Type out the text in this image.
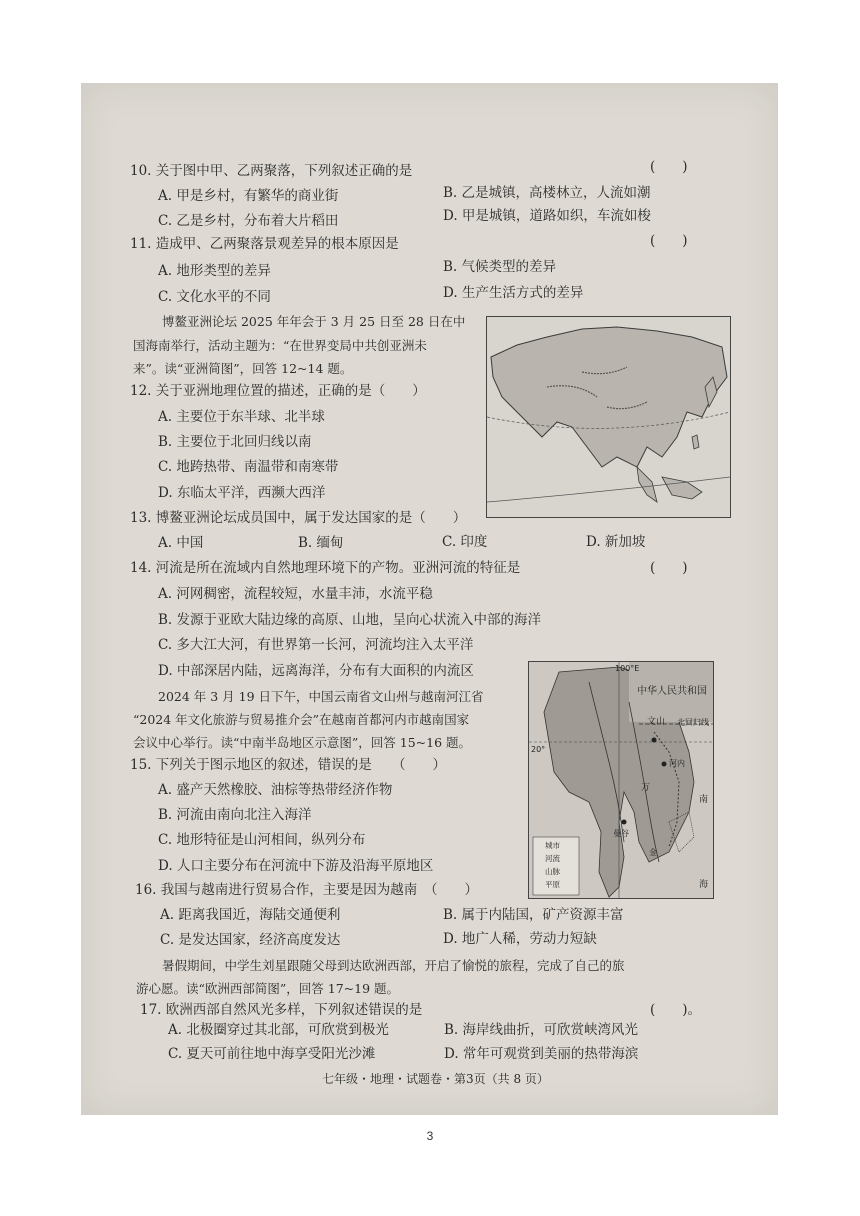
10. 关于图中甲、乙两聚落，下列叙述正确的是	(　　)
A. 甲是乡村，有繁华的商业街	B. 乙是城镇，高楼林立，人流如潮
C. 乙是乡村，分布着大片稻田	D. 甲是城镇，道路如织，车流如梭
11. 造成甲、乙两聚落景观差异的根本原因是	(　　)
A. 地形类型的差异	B. 气候类型的差异
C. 文化水平的不同	D. 生产生活方式的差异
博鳌亚洲论坛 2025 年年会于 3 月 25 日至 28 日在中
国海南举行，活动主题为：“在世界变局中共创亚洲未
来”。读“亚洲简图”，回答 12~14 题。
12. 关于亚洲地理位置的描述，正确的是（　　）
A. 主要位于东半球、北半球
B. 主要位于北回归线以南
C. 地跨热带、南温带和南寒带
D. 东临太平洋，西濒大西洋
13. 博鳌亚洲论坛成员国中，属于发达国家的是（　　）
A. 中国	B. 缅甸	C. 印度	D. 新加坡
14. 河流是所在流域内自然地理环境下的产物。亚洲河流的特征是	(　　)
A. 河网稠密，流程较短，水量丰沛，水流平稳
B. 发源于亚欧大陆边缘的高原、山地，呈向心状流入中部的海洋
C. 多大江大河，有世界第一长河，河流均注入太平洋
D. 中部深居内陆，远离海洋，分布有大面积的内流区
2024 年 3 月 19 日下午，中国云南省文山州与越南河江省
“2024 年文化旅游与贸易推介会”在越南首都河内市越南国家
会议中心举行。读“中南半岛地区示意图”，回答 15~16 题。
100°E
中华人民共和国
文山 北回归线
河内
20°
万
曼谷
金
南
海
城市
河流
山脉
平原
15. 下列关于图示地区的叙述，错误的是　　（　　）
A. 盛产天然橡胶、油棕等热带经济作物
B. 河流由南向北注入海洋
C. 地形特征是山河相间，纵列分布
D. 人口主要分布在河流中下游及沿海平原地区
16. 我国与越南进行贸易合作，主要是因为越南　（　　）
A. 距离我国近，海陆交通便利	B. 属于内陆国，矿产资源丰富
C. 是发达国家，经济高度发达	D. 地广人稀，劳动力短缺
暑假期间，中学生刘星跟随父母到达欧洲西部，开启了愉悦的旅程，完成了自己的旅
游心愿。读“欧洲西部简图”，回答 17~19 题。
17. 欧洲西部自然风光多样，下列叙述错误的是	(　　)。
A. 北极圈穿过其北部，可欣赏到极光	B. 海岸线曲折，可欣赏峡湾风光
C. 夏天可前往地中海享受阳光沙滩	D. 常年可观赏到美丽的热带海滨
七年级・地理・试题卷・第3页（共 8 页）
3
